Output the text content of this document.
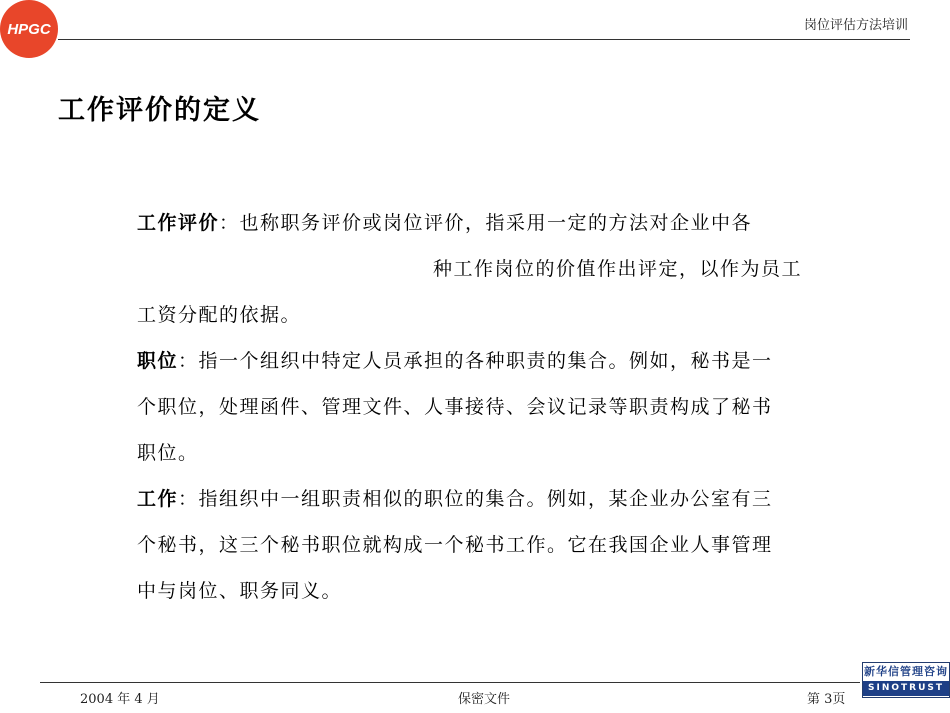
HPGC	岗位评估方法培训
工作评价的定义
工作评价：也称职务评价或岗位评价，指采用一定的方法对企业中各
种工作岗位的价值作出评定，以作为员工
工资分配的依据。
职位：指一个组织中特定人员承担的各种职责的集合。例如，秘书是一
个职位，处理函件、管理文件、人事接待、会议记录等职责构成了秘书
职位。
工作：指组织中一组职责相似的职位的集合。例如，某企业办公室有三
个秘书，这三个秘书职位就构成一个秘书工作。它在我国企业人事管理
中与岗位、职务同义。
2004 年 4 月	保密文件	第 3页
新华信管理咨询
SINOTRUST
